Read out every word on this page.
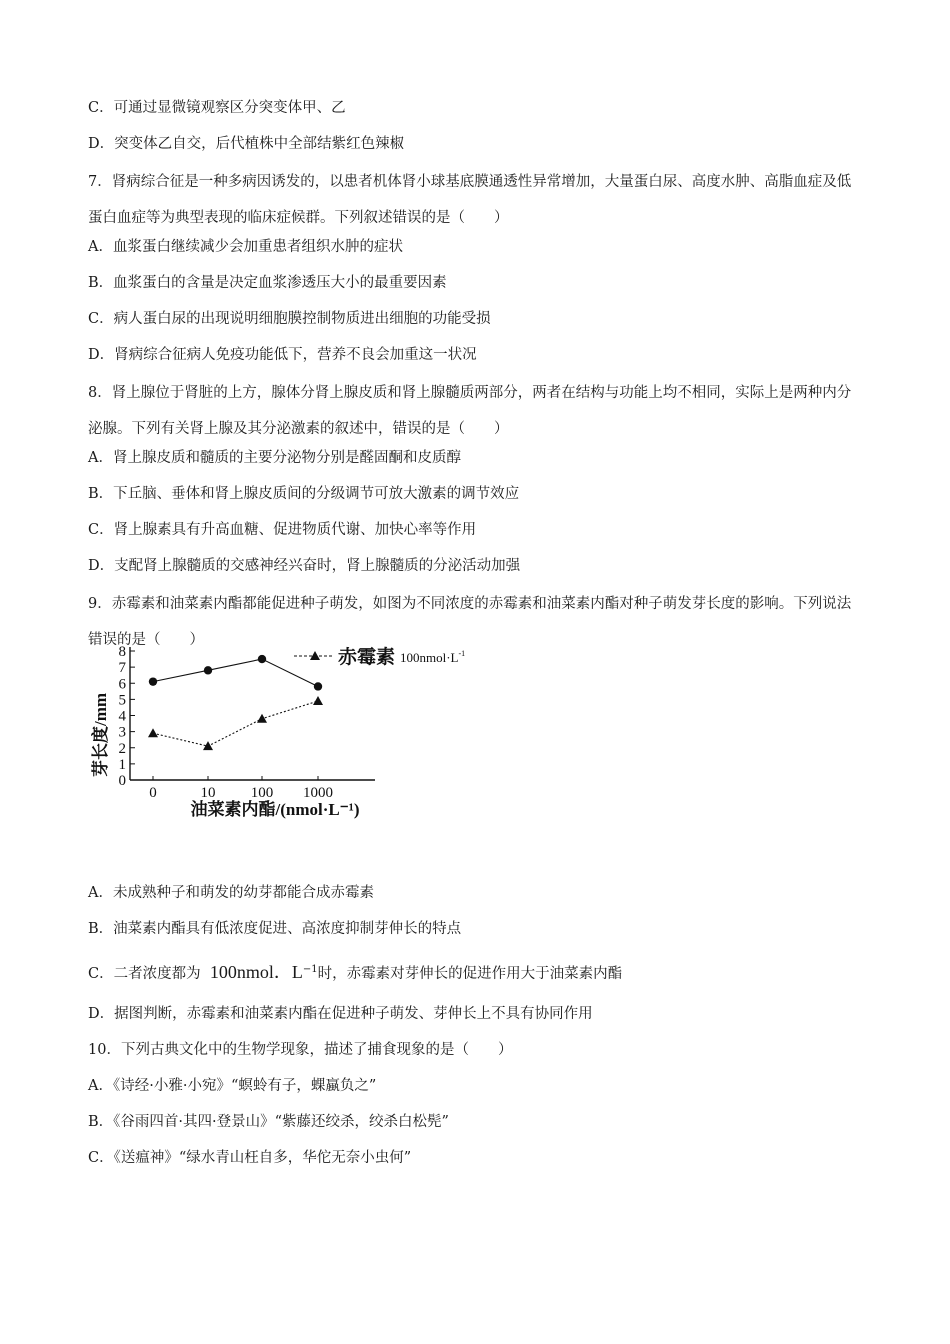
C．可通过显微镜观察区分突变体甲、乙
D．突变体乙自交，后代植株中全部结紫红色辣椒
7．肾病综合征是一种多病因诱发的，以患者机体肾小球基底膜通透性异常增加，大量蛋白尿、高度水肿、高脂血症及低蛋白血症等为典型表现的临床症候群。下列叙述错误的是（　　）
A．血浆蛋白继续减少会加重患者组织水肿的症状
B．血浆蛋白的含量是决定血浆渗透压大小的最重要因素
C．病人蛋白尿的出现说明细胞膜控制物质进出细胞的功能受损
D．肾病综合征病人免疫功能低下，营养不良会加重这一状况
8．肾上腺位于肾脏的上方，腺体分肾上腺皮质和肾上腺髓质两部分，两者在结构与功能上均不相同，实际上是两种内分泌腺。下列有关肾上腺及其分泌激素的叙述中，错误的是（　　）
A．肾上腺皮质和髓质的主要分泌物分别是醛固酮和皮质醇
B．下丘脑、垂体和肾上腺皮质间的分级调节可放大激素的调节效应
C．肾上腺素具有升高血糖、促进物质代谢、加快心率等作用
D．支配肾上腺髓质的交感神经兴奋时，肾上腺髓质的分泌活动加强
9．赤霉素和油菜素内酯都能促进种子萌发，如图为不同浓度的赤霉素和油菜素内酯对种子萌发芽长度的影响。下列说法错误的是（　　）
0
1
2
3
4
5
6
7
8
0	10 100 1000
芽长度/mm
油菜素内酯/(nmol·L⁻¹)
赤霉素 $100nmol\cdot L^{-1}$
A．未成熟种子和萌发的幼芽都能合成赤霉素
B．油菜素内酯具有低浓度促进、高浓度抑制芽伸长的特点
C．二者浓度都为 100nmol．$L^{-1}$时，赤霉素对芽伸长的促进作用大于油菜素内酯
D．据图判断，赤霉素和油菜素内酯在促进种子萌发、芽伸长上不具有协同作用
10．下列古典文化中的生物学现象，描述了捕食现象的是（　　）
A．《诗经·小雅·小宛》“螟蛉有子，蜾蠃负之”
B．《谷雨四首·其四·登景山》“紫藤还绞杀，绞杀白松髡”
C．《送瘟神》“绿水青山枉自多，华佗无奈小虫何”
